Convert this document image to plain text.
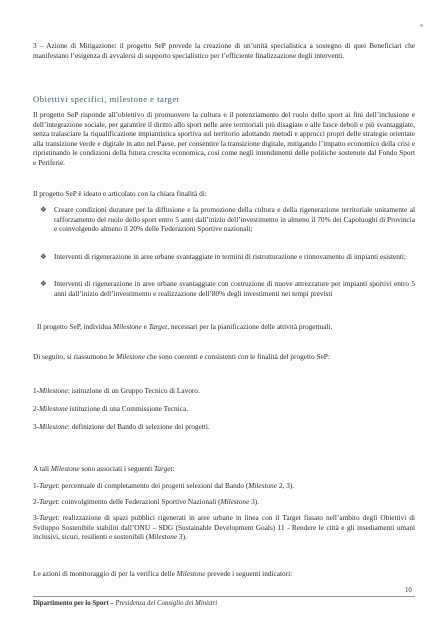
3 – Azione di Mitigazione: il progetto SeP prevede la creazione di un’unità specialistica a sostegno di quei Beneficiari che manifestano l’esigenza di avvalersi di supporto specialistico per l’efficiente finalizzazione degli interventi.
Obiettivi specifici, milestone e target
Il progetto SeP risponde all’obiettivo di promuovere la cultura e il potenziamento del ruolo dello sport ai fini dell’inclusione e dell’integrazione sociale, per garantire il diritto allo sport nelle aree territoriali più disagiate e alle fasce deboli e più svantaggiate, senza tralasciare la riqualificazione impiantistica sportiva sul territorio adottando metodi e approcci propri delle strategie orientate alla transizione verde e digitale in atto nel Paese, per consentire la transizione digitale, mitigando l’impatto economico della crisi e ripristinando le condizioni della futura crescita economica, così come negli intendimenti delle politiche sostenute dal Fondo Sport e Periferie.
Il progetto SeP è ideato e articolato con la chiara finalità di:
❖ Creare condizioni durature per la diffusione e la promozione della cultura e della rigenerazione territoriale unitamente al rafforzamento del ruolo dello sport entro 5 anni dall’inizio dell’investimento in almeno il 70% dei Capoluoghi di Provincia e coinvolgendo almeno il 20% delle Federazioni Sportive nazionali;
❖ Interventi di rigenerazione in aree urbane svantaggiate in termini di ristrutturazione e rinnovamento di impianti esistenti;
❖ Interventi di rigenerazione in aree urbane svantaggiate con costruzione di nuove attrezzature per impianti sportivi entro 5 anni dall’inizio dell’investimento e realizzazione dell’80% degli investimenti nei tempi previsti
Il progetto SeP, individua Milestone e Target, necessari per la pianificazione delle attività progettuali.
Di seguito, si riassumono le Milestone che sono coerenti e consistenti con le finalità del progetto SeP:
1-Milestone: istituzione di un Gruppo Tecnico di Lavoro.
2-Milestone istituzione di una Commissione Tecnica.
3-Milestone: definizione del Bando di selezione dei progetti.
A tali Milestone sono associati i seguenti Target:
1-Target: percentuale di completamento dei progetti selezioni dal Bando (Milestone 2, 3).
2-Target: coinvolgimento delle Federazioni Sportive Nazionali (Milestone 3).
3-Target: realizzazione di spazi pubblici rigenerati in aree urbane in linea con il Target fissato nell’ambito degli Obiettivi di Sviluppo Sostenibile stabiliti dall’ONU – SDG (Sustainable Development Goals) 11 - Rendere le città e gli insediamenti umani inclusivi, sicuri, resilienti e sostenibili (Milestone 3).
Le azioni di monitoraggio di per la verifica delle Milestone prevede i seguenti indicatori:
10
Dipartimento per lo Sport – Presidenza del Consiglio dei Ministri
